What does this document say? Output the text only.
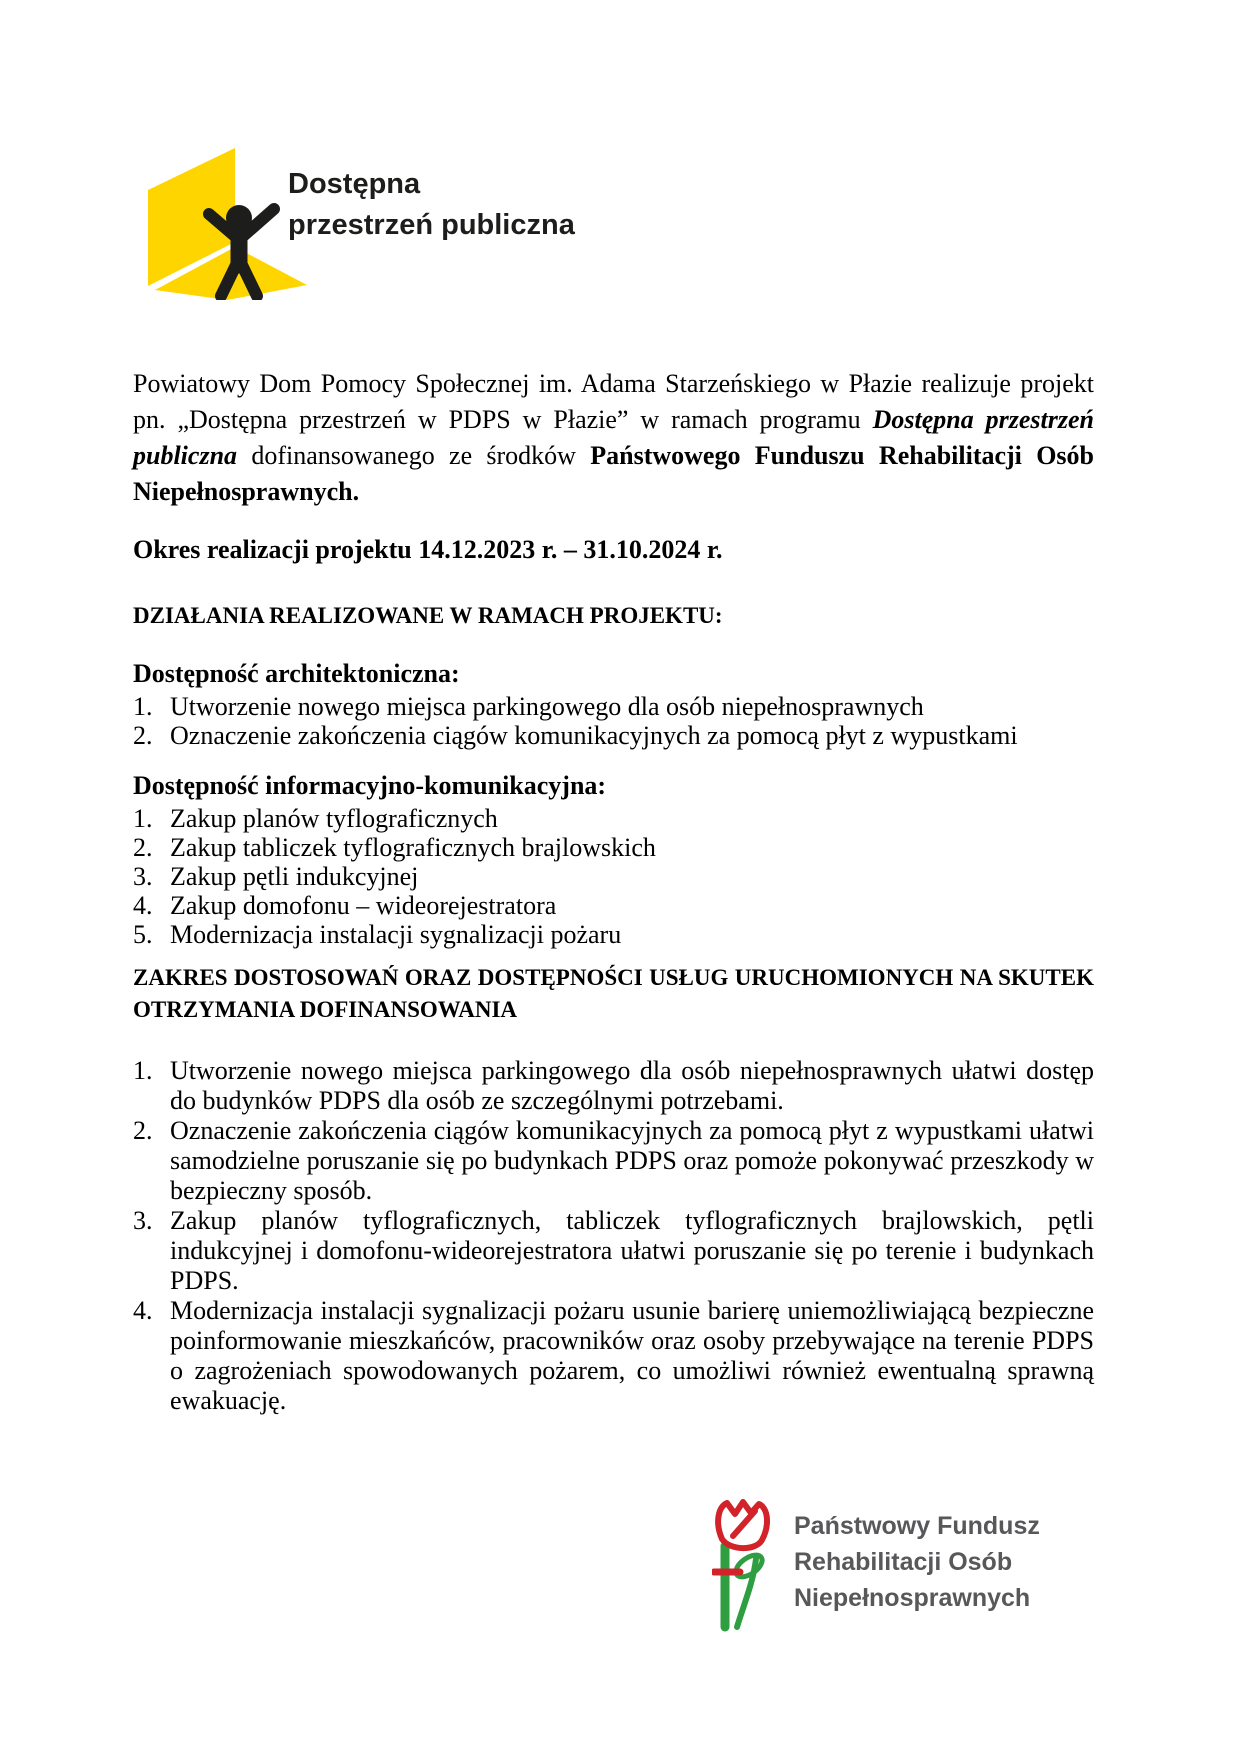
Dostępna
przestrzeń publiczna

Powiatowy Dom Pomocy Społecznej im. Adama Starzeńskiego w Płazie realizuje projekt pn. „Dostępna przestrzeń w PDPS w Płazie” w ramach programu Dostępna przestrzeń publiczna dofinansowanego ze środków Państwowego Funduszu Rehabilitacji Osób Niepełnosprawnych.

Okres realizacji projektu 14.12.2023 r. – 31.10.2024 r.

DZIAŁANIA REALIZOWANE W RAMACH PROJEKTU:

Dostępność architektoniczna:

Utworzenie nowego miejsca parkingowego dla osób niepełnosprawnych
Oznaczenie zakończenia ciągów komunikacyjnych za pomocą płyt z wypustkami

Dostępność informacyjno-komunikacyjna:

Zakup planów tyflograficznych
Zakup tabliczek tyflograficznych brajlowskich
Zakup pętli indukcyjnej
Zakup domofonu – wideorejestratora
Modernizacja instalacji sygnalizacji pożaru

ZAKRES DOSTOSOWAŃ ORAZ DOSTĘPNOŚCI USŁUG URUCHOMIONYCH NA SKUTEK OTRZYMANIA DOFINANSOWANIA

Utworzenie nowego miejsca parkingowego dla osób niepełnosprawnych ułatwi dostęp do budynków PDPS dla osób ze szczególnymi potrzebami.
Oznaczenie zakończenia ciągów komunikacyjnych za pomocą płyt z wypustkami ułatwi samodzielne poruszanie się po budynkach PDPS oraz pomoże pokonywać przeszkody w bezpieczny sposób.
Zakup planów tyflograficznych, tabliczek tyflograficznych brajlowskich, pętli indukcyjnej i domofonu-wideorejestratora ułatwi poruszanie się po terenie i budynkach PDPS.
Modernizacja instalacji sygnalizacji pożaru usunie barierę uniemożliwiającą bezpieczne poinformowanie mieszkańców, pracowników oraz osoby przebywające na terenie PDPS o zagrożeniach spowodowanych pożarem, co umożliwi również ewentualną sprawną ewakuację.
Państwowy Fundusz
Rehabilitacji Osób
Niepełnosprawnych
